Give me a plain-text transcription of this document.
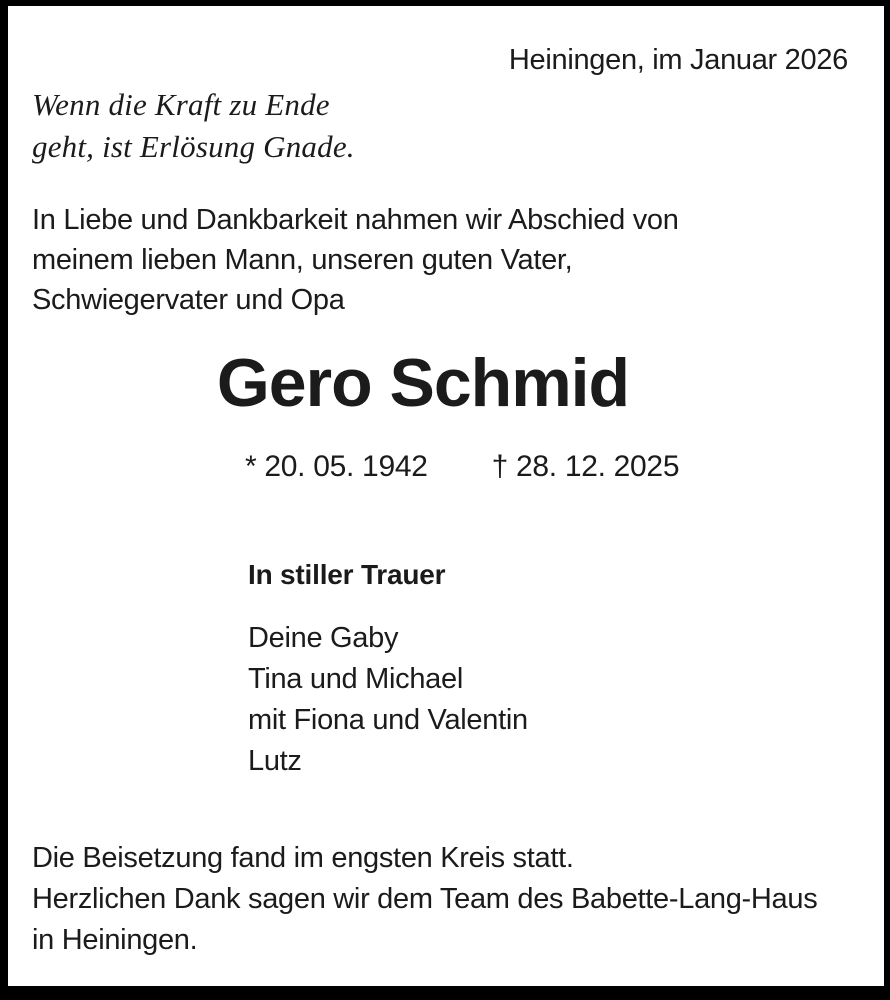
Heiningen, im Januar 2026
Wenn die Kraft zu Ende
geht, ist Erlösung Gnade.
In Liebe und Dankbarkeit nahmen wir Abschied von
meinem lieben Mann, unseren guten Vater,
Schwiegervater und Opa
Gero Schmid
* 20. 05. 1942 † 28. 12. 2025
In stiller Trauer
Deine Gaby
Tina und Michael
mit Fiona und Valentin
Lutz
Die Beisetzung fand im engsten Kreis statt.
Herzlichen Dank sagen wir dem Team des Babette-Lang-Haus
in Heiningen.
